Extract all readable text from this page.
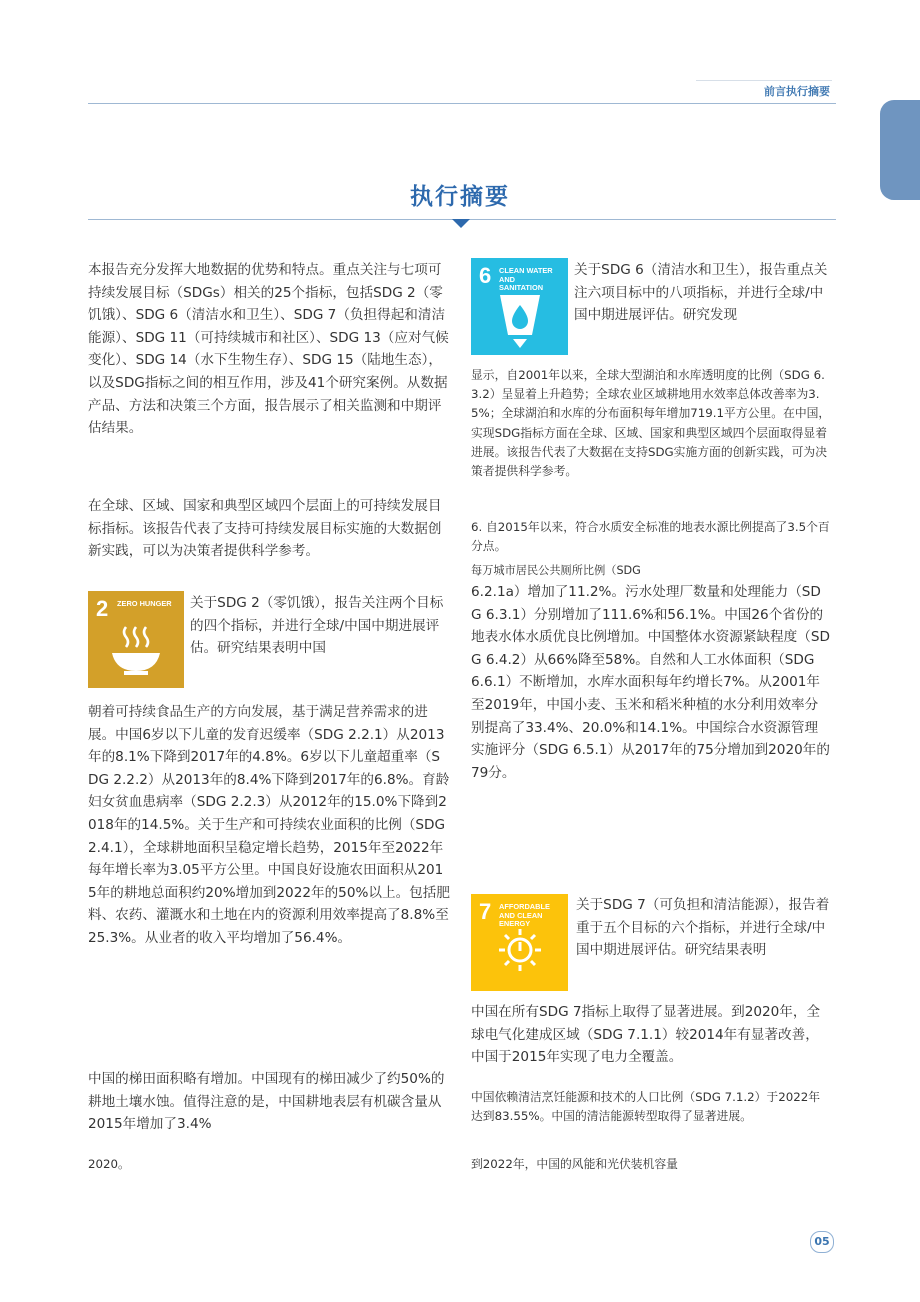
前言执行摘要
执行摘要
本报告充分发挥大地数据的优势和特点。重点关注与七项可持续发展目标（SDGs）相关的25个指标，包括SDG 2（零饥饿）、SDG 6（清洁水和卫生）、SDG 7（负担得起和清洁能源）、SDG 11（可持续城市和社区）、SDG 13（应对气候变化）、SDG 14（水下生物生存）、SDG 15（陆地生态），以及SDG指标之间的相互作用，涉及41个研究案例。从数据产品、方法和决策三个方面，报告展示了相关监测和中期评估结果。
在全球、区域、国家和典型区域四个层面上的可持续发展目标指标。该报告代表了支持可持续发展目标实施的大数据创新实践，可以为决策者提供科学参考。
2 ZERO HUNGER 关于SDG 2（零饥饿），报告关注两个目标的四个指标，并进行全球/中国中期进展评估。研究结果表明中国
朝着可持续食品生产的方向发展，基于满足营养需求的进展。中国6岁以下儿童的发育迟缓率（SDG 2.2.1）从2013年的8.1%下降到2017年的4.8%。6岁以下儿童超重率（SDG 2.2.2）从2013年的8.4%下降到2017年的6.8%。育龄妇女贫血患病率（SDG 2.2.3）从2012年的15.0%下降到2018年的14.5%。关于生产和可持续农业面积的比例（SDG 2.4.1），全球耕地面积呈稳定增长趋势，2015年至2022年每年增长率为3.05平方公里。中国良好设施农田面积从2015年的耕地总面积约20%增加到2022年的50%以上。包括肥料、农药、灌溉水和土地在内的资源利用效率提高了8.8%至25.3%。从业者的收入平均增加了56.4%。
中国的梯田面积略有增加。中国现有的梯田减少了约50%的耕地土壤水蚀。值得注意的是，中国耕地表层有机碳含量从2015年增加了3.4%
2020。
6 CLEAN WATER AND SANITATION
关于SDG 6（清洁水和卫生），报告重点关注六项目标中的八项指标，并进行全球/中国中期进展评估。研究发现
显示，自2001年以来，全球大型湖泊和水库透明度的比例（SDG 6.3.2）呈显着上升趋势；全球农业区域耕地用水效率总体改善率为3.5%；全球湖泊和水库的分布面积每年增加719.1平方公里。在中国，实现SDG指标方面在全球、区域、国家和典型区域四个层面取得显着进展。该报告代表了大数据在支持SDG实施方面的创新实践，可为决策者提供科学参考。
6. 自2015年以来，符合水质安全标准的地表水源比例提高了3.5个百分点。
每万城市居民公共厕所比例（SDG
6.2.1a）增加了11.2%。污水处理厂数量和处理能力（SDG 6.3.1）分别增加了111.6%和56.1%。中国26个省份的地表水体水质优良比例增加。中国整体水资源紧缺程度（SDG 6.4.2）从66%降至58%。自然和人工水体面积（SDG 6.6.1）不断增加，水库水面积每年约增长7%。从2001年至2019年，中国小麦、玉米和稻米种植的水分利用效率分别提高了33.4%、20.0%和14.1%。中国综合水资源管理实施评分（SDG 6.5.1）从2017年的75分增加到2020年的79分。
7 AFFORDABLE AND CLEAN ENERGY
关于SDG 7（可负担和清洁能源），报告着重于五个目标的六个指标，并进行全球/中国中期进展评估。研究结果表明
中国在所有SDG 7指标上取得了显著进展。到2020年，全球电气化建成区域（SDG 7.1.1）较2014年有显著改善，中国于2015年实现了电力全覆盖。
中国依赖清洁烹饪能源和技术的人口比例（SDG 7.1.2）于2022年达到83.55%。中国的清洁能源转型取得了显著进展。
到2022年，中国的风能和光伏装机容量
05
